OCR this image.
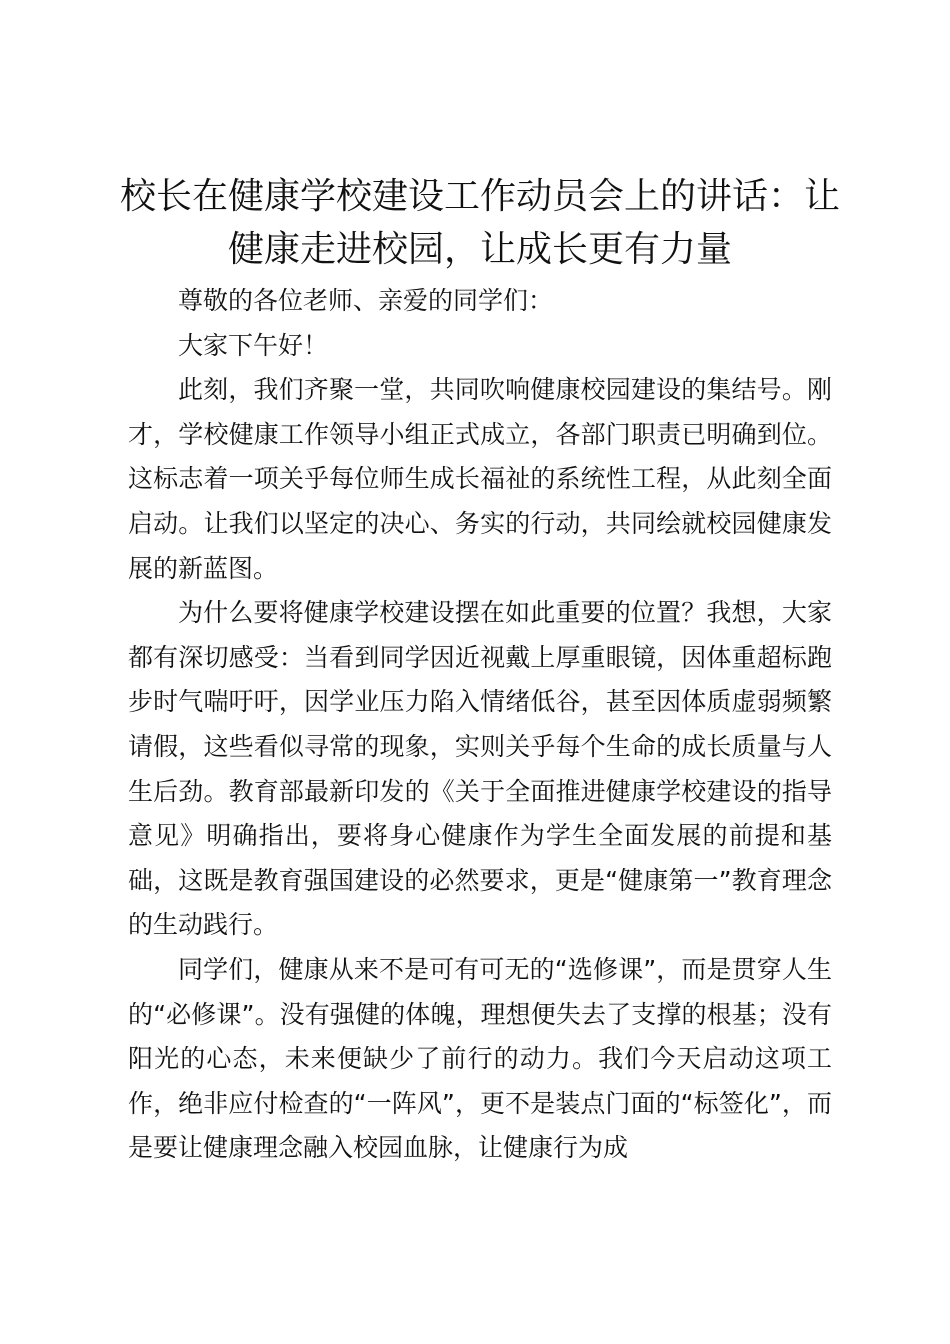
校长在健康学校建设工作动员会上的讲话：让健康走进校园，让成长更有力量

尊敬的各位老师、亲爱的同学们：

大家下午好！

此刻，我们齐聚一堂，共同吹响健康校园建设的集结号。刚才，学校健康工作领导小组正式成立，各部门职责已明确到位。这标志着一项关乎每位师生成长福祉的系统性工程，从此刻全面启动。让我们以坚定的决心、务实的行动，共同绘就校园健康发展的新蓝图。

为什么要将健康学校建设摆在如此重要的位置？我想，大家都有深切感受：当看到同学因近视戴上厚重眼镜，因体重超标跑步时气喘吁吁，因学业压力陷入情绪低谷，甚至因体质虚弱频繁请假，这些看似寻常的现象，实则关乎每个生命的成长质量与人生后劲。教育部最新印发的《关于全面推进健康学校建设的指导意见》明确指出，要将身心健康作为学生全面发展的前提和基础，这既是教育强国建设的必然要求，更是“健康第一”教育理念的生动践行。

同学们，健康从来不是可有可无的“选修课”，而是贯穿人生的“必修课”。没有强健的体魄，理想便失去了支撑的根基；没有阳光的心态，未来便缺少了前行的动力。我们今天启动这项工作，绝非应付检查的“一阵风”，更不是装点门面的“标签化”，而是要让健康理念融入校园血脉，让健康行为成
